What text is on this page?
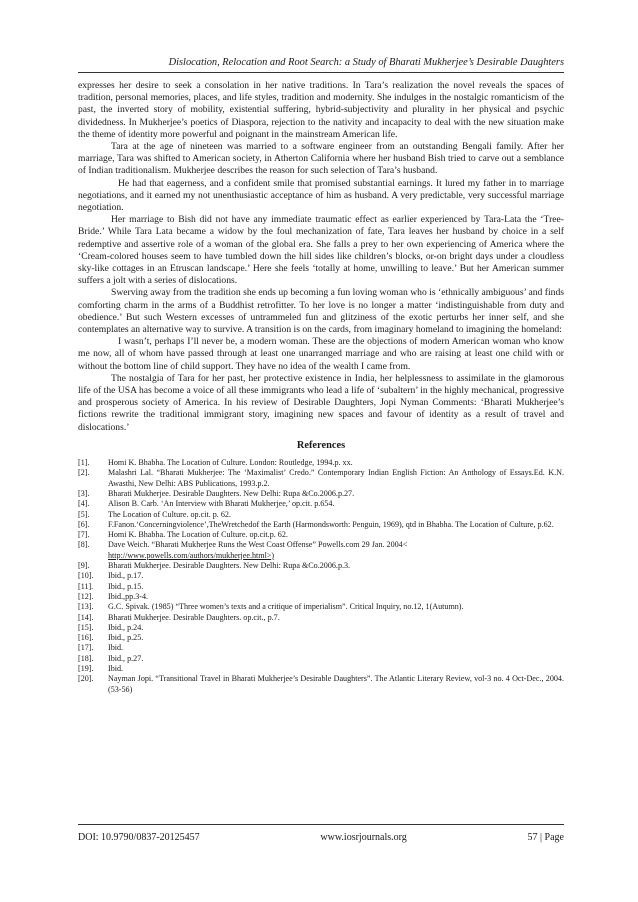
Dislocation, Relocation and Root Search: a Study of Bharati Mukherjee’s Desirable Daughters

expresses her desire to seek a consolation in her native traditions. In Tara’s realization the novel reveals the spaces of tradition, personal memories, places, and life styles, tradition and modernity. She indulges in the nostalgic romanticism of the past, the inverted story of mobility, existential suffering, hybrid-subjectivity and plurality in her physical and psychic dividedness. In Mukherjee’s poetics of Diaspora, rejection to the nativity and incapacity to deal with the new situation make the theme of identity more powerful and poignant in the mainstream American life.

Tara at the age of nineteen was married to a software engineer from an outstanding Bengali family. After her marriage, Tara was shifted to American society, in Atherton California where her husband Bish tried to carve out a semblance of Indian traditionalism. Mukherjee describes the reason for such selection of Tara’s husband.

He had that eagerness, and a confident smile that promised substantial earnings. It lured my father in to marriage negotiations, and it earned my not unenthusiastic acceptance of him as husband. A very predictable, very successful marriage negotiation.

Her marriage to Bish did not have any immediate traumatic effect as earlier experienced by Tara-Lata the ‘Tree-Bride.’ While Tara Lata became a widow by the foul mechanization of fate, Tara leaves her husband by choice in a self redemptive and assertive role of a woman of the global era. She falls a prey to her own experiencing of America where the ‘Cream-colored houses seem to have tumbled down the hill sides like children’s blocks, or-on bright days under a cloudless sky-like cottages in an Etruscan landscape.’ Here she feels ‘totally at home, unwilling to leave.’ But her American summer suffers a jolt with a series of dislocations.

Swerving away from the tradition she ends up becoming a fun loving woman who is ‘ethnically ambiguous’ and finds comforting charm in the arms of a Buddhist retrofitter. To her love is no longer a matter ‘indistinguishable from duty and obedience.’ But such Western excesses of untrammeled fun and glitziness of the exotic perturbs her inner self, and she contemplates an alternative way to survive. A transition is on the cards, from imaginary homeland to imagining the homeland:

I wasn’t, perhaps I’ll never be, a modern woman. These are the objections of modern American woman who know me now, all of whom have passed through at least one unarranged marriage and who are raising at least one child with or without the bottom line of child support. They have no idea of the wealth I came from.

The nostalgia of Tara for her past, her protective existence in India, her helplessness to assimilate in the glamorous life of the USA has become a voice of all these immigrants who lead a life of ‘subaltern’ in the highly mechanical, progressive and prosperous society of America. In his review of Desirable Daughters, Jopi Nyman Comments: ‘Bharati Mukherjee’s fictions rewrite the traditional immigrant story, imagining new spaces and favour of identity as a result of travel and dislocations.’

References
[1].	Homi K. Bhabha. The Location of Culture. London: Routledge, 1994.p. xx.
[2].	Malashri Lal. “Bharati Mukherjee: The ‘Maximalist’ Credo.” Contemporary Indian English Fiction: An Anthology of Essays.Ed. K.N. Awasthi, New Delhi: ABS Publications, 1993.p.2.
[3].	Bharati Mukherjee. Desirable Daughters. New Delhi: Rupa &Co.2006.p.27.
[4].	Alison B. Carb. ‘An Interview with Bharati Mukherjee,’ op.cit. p.654.
[5].	The Location of Culture. op.cit. p. 62.
[6].	F.Fanon.‘Concerningviolence’,TheWretchedof the Earth (Harmondsworth: Penguin, 1969), qtd in Bhabha. The Location of Culture, p.62.
[7].	Homi K. Bhabha. The Location of Culture. op.cit.p. 62.
[8].	Dave Weich. “Bharati Mukherjee Runs the West Coast Offense” Powells.com 29 Jan. 2004<
http://www.powells.com/authors/mukherjee.html>)
[9].	Bharati Mukherjee. Desirable Daughters. New Delhi: Rupa &Co.2006.p.3.
[10].	Ibid., p.17.
[11].	Ibid., p.15.
[12].	Ibid.,pp.3-4.
[13].	G.C. Spivak. (1985) “Three women’s texts and a critique of imperialism”. Critical Inquiry, no.12, 1(Autumn).
[14].	Bharati Mukherjee. Desirable Daughters. op.cit., p.7.
[15].	Ibid., p.24.
[16].	Ibid., p.25.
[17].	Ibid.
[18].	Ibid., p.27.
[19].	Ibid.
[20].	Nayman Jopi. “Transitional Travel in Bharati Mukherjee’s Desirable Daughters”. The Atlantic Literary Review, vol-3 no. 4 Oct-Dec., 2004.(53-56)
DOI: 10.9790/0837-20125457	www.iosrjournals.org	57 | Page
